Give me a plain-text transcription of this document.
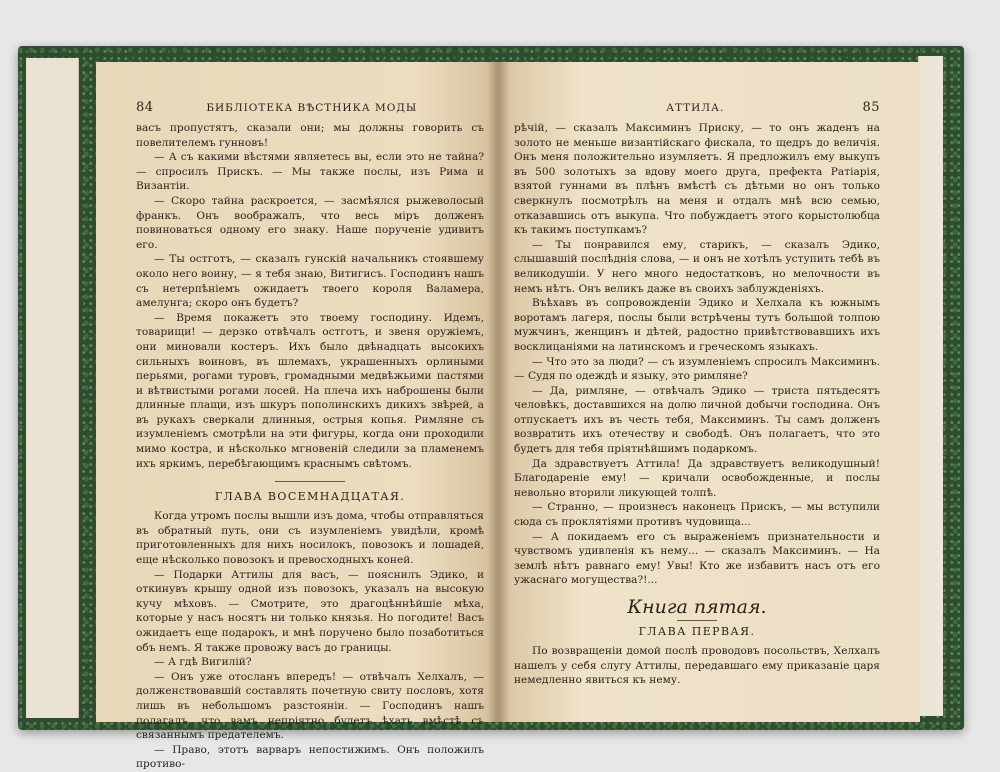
84	БИБЛІОТЕКА ВѢСТНИКА МОДЫ

васъ пропустятъ, сказали они; мы должны говорить съ повелителемъ гунновъ!

— А съ какими вѣстями являетесь вы, если это не тайна? — спросилъ Прискъ. — Мы также послы, изъ Рима и Византіи.

— Скоро тайна раскроется, — засмѣялся рыжеволосый франкъ. Онъ воображалъ, что весь міръ долженъ повиноваться одному его знаку. Наше порученіе удивитъ его.

— Ты остготъ, — сказалъ гунскій начальникъ стоявшему около него воину, — я тебя знаю, Витигисъ. Господинъ нашъ съ нетерпѣніемъ ожидаетъ твоего короля Валамера, амелунга; скоро онъ будетъ?

— Время покажетъ это твоему господину. Идемъ, товарищи! — дерзко отвѣчалъ остготъ, и звеня оружіемъ, они миновали костеръ. Ихъ было двѣнадцать высокихъ сильныхъ воиновъ, въ шлемахъ, украшенныхъ орлиными перьями, рогами туровъ, громадными медвѣжьими пастями и вѣтвистыми рогами лосей. На плеча ихъ наброшены были длинные плащи, изъ шкуръ пополинскихъ дикихъ звѣрей, а въ рукахъ сверкали длинныя, острыя копья. Римляне съ изумленіемъ смотрѣли на эти фигуры, когда они проходили мимо костра, и нѣсколько мгновеній следили за пламенемъ ихъ яркимъ, перебѣгающимъ краснымъ свѣтомъ.

ГЛАВА ВОСЕМНАДЦАТАЯ.

Когда утромъ послы вышли изъ дома, чтобы отправляться въ обратный путь, они съ изумленіемъ увидѣли, кромѣ приготовленныхъ для нихъ носилокъ, повозокъ и лошадей, еще нѣсколько повозокъ и превосходныхъ коней.

— Подарки Аттилы для васъ, — пояснилъ Эдико, и откинувъ крышу одной изъ повозокъ, указалъ на высокую кучу мѣховъ. — Смотрите, это драгоцѣннѣйшіе мѣха, которые у насъ носятъ ни только князья. Но погодите! Васъ ожидаетъ еще подарокъ, и мнѣ поручено было позаботиться объ немъ. Я также провожу васъ до границы.

— А гдѣ Вигилій?

— Онъ уже отосланъ впередъ! — отвѣчалъ Хелхалъ, — долженствовавшій составлять почетную свиту пословъ, хотя лишь въ небольшомъ разстояніи. — Господинъ нашъ полагалъ, что вамъ непріятно будетъ ѣхать вмѣстѣ съ связаннымъ предателемъ.

— Право, этотъ варваръ непостижимъ. Онъ положилъ противо-

АТТИЛА.	85

рѣчій, — сказалъ Максиминъ Приску, — то онъ жаденъ на золото не меньше византійскаго фискала, то щедръ до величія. Онъ меня положительно изумляетъ. Я предложилъ ему выкупъ въ 500 золотыхъ за вдову моего друга, префекта Ратіарія, взятой гуннами въ плѣнъ вмѣстѣ съ дѣтьми но онъ только сверкнулъ посмотрѣлъ на меня и отдалъ мнѣ всю семью, отказавшись отъ выкупа. Что побуждаетъ этого корыстолюбца къ такимъ поступкамъ?

— Ты понравился ему, старикъ, — сказалъ Эдико, слышавшій послѣднія слова, — и онъ не хотѣлъ уступить тебѣ въ великодушіи. У него много недостатковъ, но мелочности въ немъ нѣтъ. Онъ великъ даже въ своихъ заблужденіяхъ.

Въѣхавъ въ сопровожденіи Эдико и Хелхала къ южнымъ воротамъ лагеря, послы были встрѣчены тутъ большой толпою мужчинъ, женщинъ и дѣтей, радостно привѣтствовавшихъ ихъ восклицаніями на латинскомъ и греческомъ языкахъ.

— Что это за люди? — съ изумленіемъ спросилъ Максиминъ. — Судя по одеждѣ и языку, это римляне?

— Да, римляне, — отвѣчалъ Эдико — триста пятьдесятъ человѣкъ, доставшихся на долю личной добычи господина. Онъ отпускаетъ ихъ въ честь тебя, Максиминъ. Ты самъ долженъ возвратить ихъ отечеству и свободѣ. Онъ полагаетъ, что это будетъ для тебя пріятнѣйшимъ подаркомъ.

Да здравствуетъ Аттила! Да здравствуетъ великодушный! Благодареніе ему! — кричали освобожденные, и послы невольно вторили ликующей толпѣ.

— Странно, — произнесъ наконецъ Прискъ, — мы вступили сюда съ проклятіями противъ чудовища...

— А покидаемъ его съ выраженіемъ признательности и чувствомъ удивленія къ нему... — сказалъ Максиминъ. — На землѣ нѣтъ равнаго ему! Увы! Кто же избавитъ насъ отъ его ужаснаго могущества?!...

Книга пятая.
ГЛАВА ПЕРВАЯ.

По возвращеніи домой послѣ проводовъ посольствъ, Хелхалъ нашелъ у себя слугу Аттилы, передавшаго ему приказаніе царя немедленно явиться къ нему.
